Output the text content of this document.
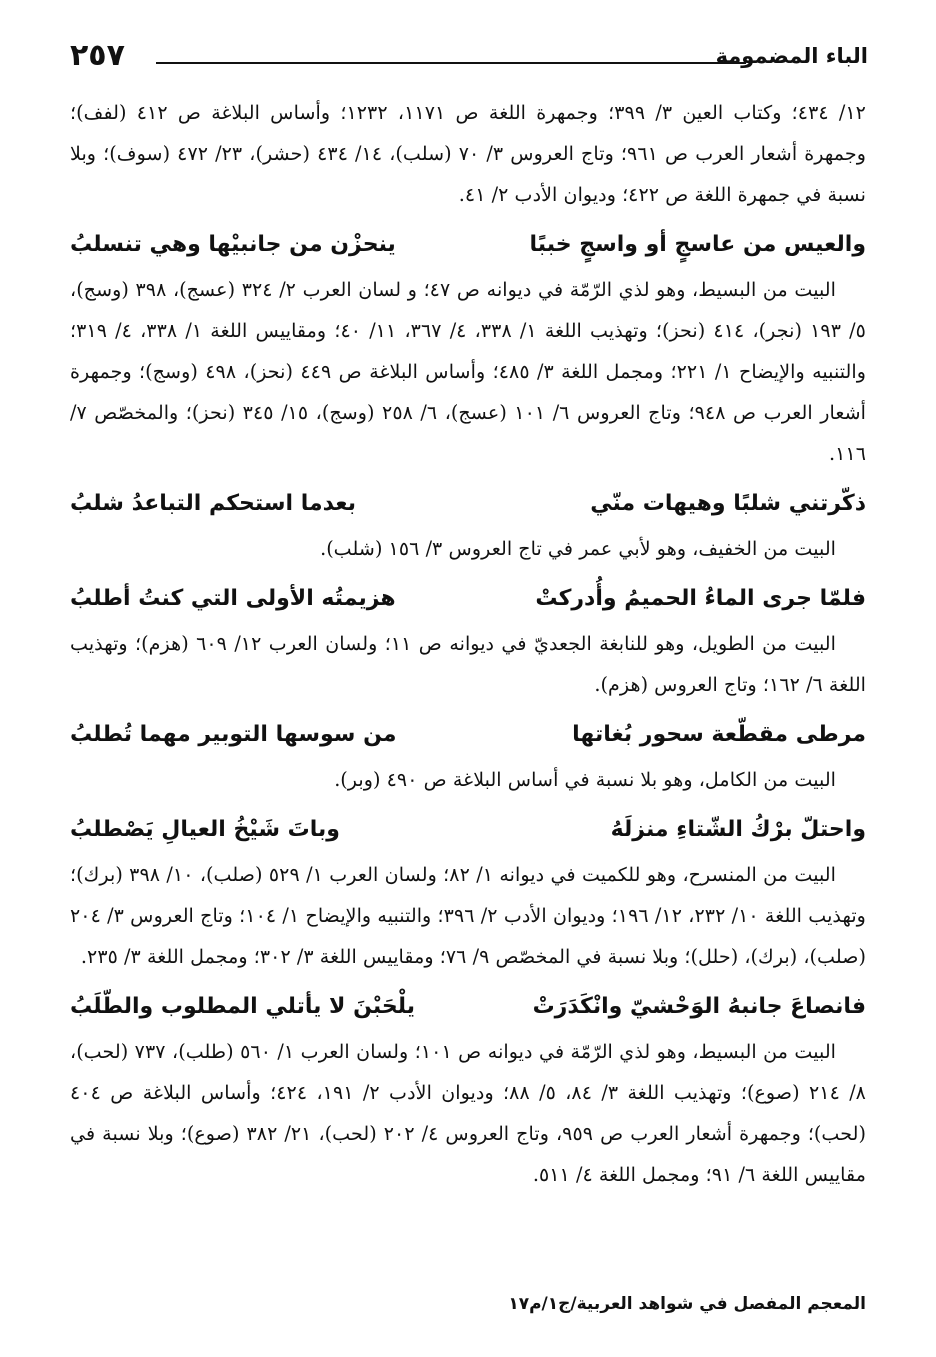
الباء المضمومة
٢٥٧

١٢/ ٤٣٤؛ وكتاب العين ٣/ ٣٩٩؛ وجمهرة اللغة ص ١١٧١، ١٢٣٢؛ وأساس البلاغة ص ٤١٢ (لفف)؛ وجمهرة أشعار العرب ص ٩٦١؛ وتاج العروس ٣/ ٧٠ (سلب)، ١٤/ ٤٣٤ (حشر)، ٢٣/ ٤٧٢ (سوف)؛ وبلا نسبة في جمهرة اللغة ص ٤٢٢؛ وديوان الأدب ٢/ ٤١.

والعيس من عاسجٍ أو واسجٍ خببًا
ينحزْن من جانبيْها وهي تنسلبُ

البيت من البسيط، وهو لذي الرّمّة في ديوانه ص ٤٧؛ و لسان العرب ٢/ ٣٢٤ (عسج)، ٣٩٨ (وسج)، ٥/ ١٩٣ (نجر)، ٤١٤ (نحز)؛ وتهذيب اللغة ١/ ٣٣٨، ٤/ ٣٦٧، ١١/ ٤٠؛ ومقاييس اللغة ١/ ٣٣٨، ٤/ ٣١٩؛ والتنبيه والإيضاح ١/ ٢٢١؛ ومجمل اللغة ٣/ ٤٨٥؛ وأساس البلاغة ص ٤٤٩ (نحز)، ٤٩٨ (وسج)؛ وجمهرة أشعار العرب ص ٩٤٨؛ وتاج العروس ٦/ ١٠١ (عسج)، ٦/ ٢٥٨ (وسج)، ١٥/ ٣٤٥ (نحز)؛ والمخصّص ٧/ ١١٦.

ذكّرتني شلبًا وهيهات منّي
بعدما استحكم التباعدُ شلبُ

البيت من الخفيف، وهو لأبي عمر في تاج العروس ٣/ ١٥٦ (شلب).

فلمّا جرى الماءُ الحميمُ وأُدركتْ
هزيمتُه الأولى التي كنتُ أطلبُ

البيت من الطويل، وهو للنابغة الجعديّ في ديوانه ص ١١؛ ولسان العرب ١٢/ ٦٠٩ (هزم)؛ وتهذيب اللغة ٦/ ١٦٢؛ وتاج العروس (هزم).

مرطى مقطّعة سحور بُغاتها
من سوسها التوبير مهما تُطلبُ

البيت من الكامل، وهو بلا نسبة في أساس البلاغة ص ٤٩٠ (وبر).

واحتلّ برْكُ الشّتاءِ منزلَهُ
وباتَ شَيْخُ العيالِ يَصْطلبُ

البيت من المنسرح، وهو للكميت في ديوانه ١/ ٨٢؛ ولسان العرب ١/ ٥٢٩ (صلب)، ١٠/ ٣٩٨ (برك)؛ وتهذيب اللغة ١٠/ ٢٣٢، ١٢/ ١٩٦؛ وديوان الأدب ٢/ ٣٩٦؛ والتنبيه والإيضاح ١/ ١٠٤؛ وتاج العروس ٣/ ٢٠٤ (صلب)، (برك)، (حلل)؛ وبلا نسبة في المخصّص ٩/ ٧٦؛ ومقاييس اللغة ٣/ ٣٠٢؛ ومجمل اللغة ٣/ ٢٣٥.

فانصاعَ جانبهُ الوَحْشيّ وانْكَدَرَتْ
يلْحَبْنَ لا يأتلي المطلوب والطّلَبُ

البيت من البسيط، وهو لذي الرّمّة في ديوانه ص ١٠١؛ ولسان العرب ١/ ٥٦٠ (طلب)، ٧٣٧ (لحب)، ٨/ ٢١٤ (صوع)؛ وتهذيب اللغة ٣/ ٨٤، ٥/ ٨٨؛ وديوان الأدب ٢/ ١٩١، ٤٢٤؛ وأساس البلاغة ص ٤٠٤ (لحب)؛ وجمهرة أشعار العرب ص ٩٥٩، وتاج العروس ٤/ ٢٠٢ (لحب)، ٢١/ ٣٨٢ (صوع)؛ وبلا نسبة في مقاييس اللغة ٦/ ٩١؛ ومجمل اللغة ٤/ ٥١١.

المعجم المفصل في شواهد العربية/ج١/م١٧
